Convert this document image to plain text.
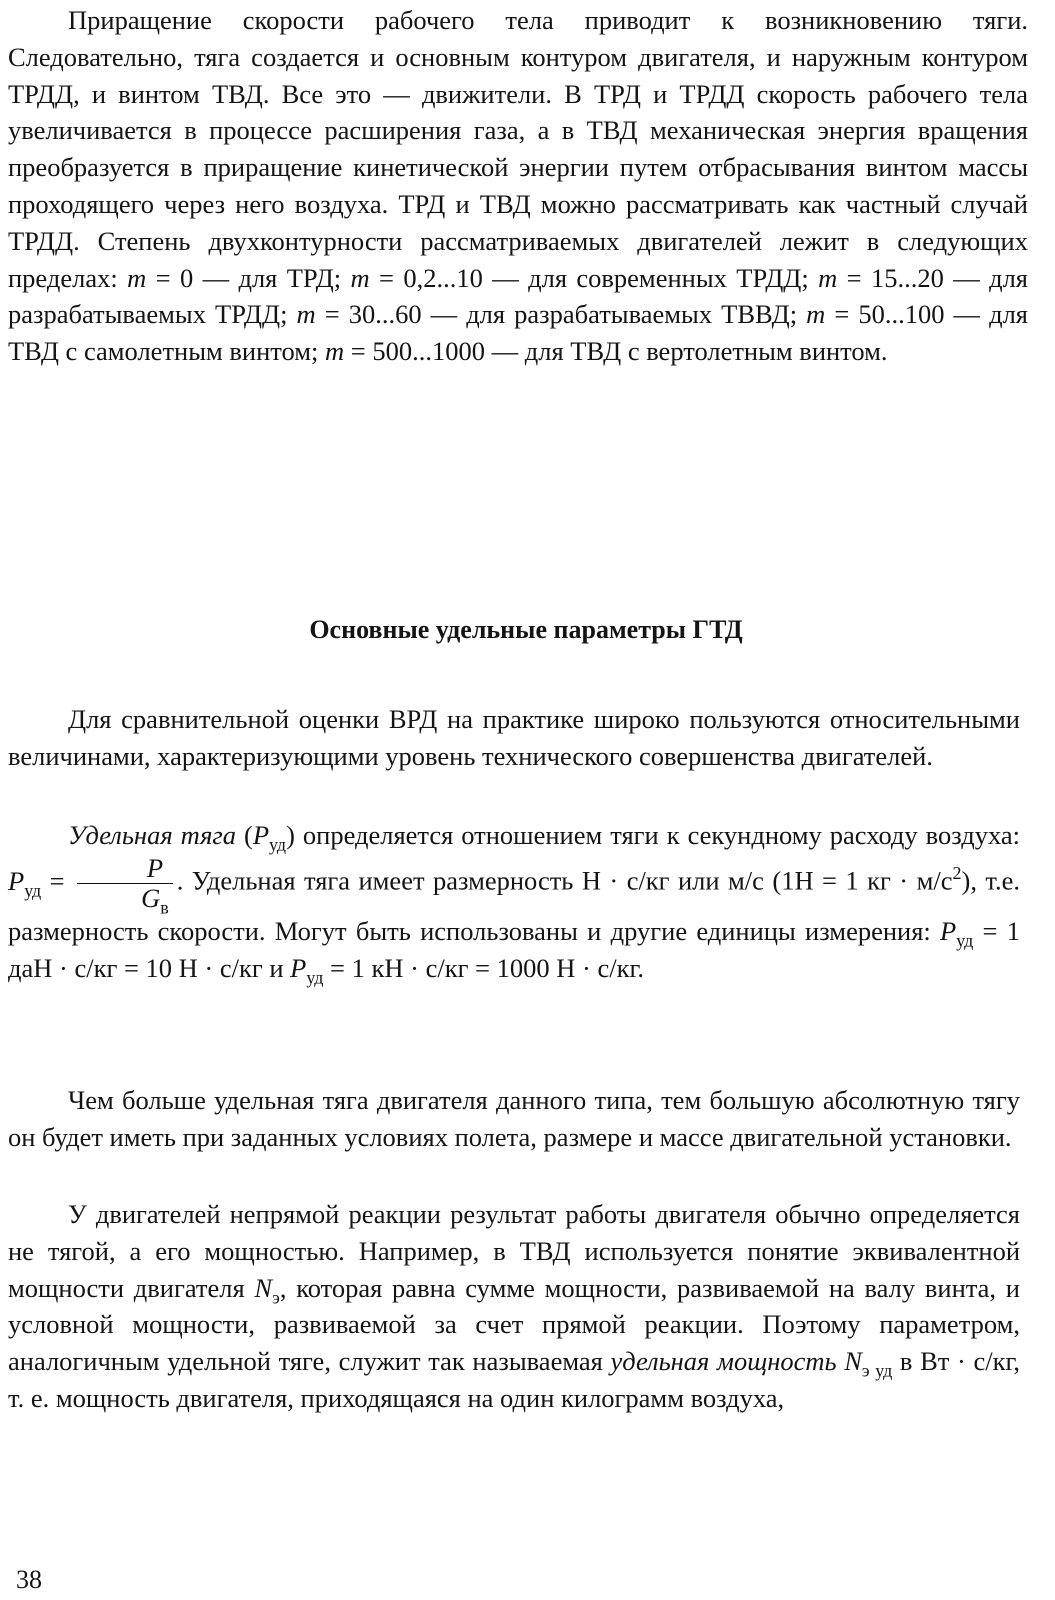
Приращение скорости рабочего тела приводит к возникновению тяги. Следовательно, тяга создается и основным контуром двигателя, и наружным контуром ТРДД, и винтом ТВД. Все это — движители. В ТРД и ТРДД скорость рабочего тела увеличивается в процессе расширения газа, а в ТВД механическая энергия вращения преобразуется в приращение кинетической энергии путем отбрасывания винтом массы проходящего через него воздуха. ТРД и ТВД можно рассматривать как частный случай ТРДД. Степень двухконтурности рассматриваемых двигателей лежит в следующих пределах: m = 0 — для ТРД; m = 0,2...10 — для современных ТРДД; m = 15...20 — для разрабатываемых ТРДД; m = 30...60 — для разрабатываемых ТВВД; m = 50...100 — для ТВД с самолетным винтом; m = 500...1000 — для ТВД с вертолетным винтом.

Основные удельные параметры ГТД

Для сравнительной оценки ВРД на практике широко пользуются относительными величинами, характеризующими уровень технического совершенства двигателей.

Удельная тяга $(P_{уд})$ определяется отношением тяги к секундному расходу воздуха: $P_{уд} = \frac{P}{G_в}$ . Удельная тяга имеет размерность Н · с/кг или м/с (1Н = 1 кг · $м/с^2$), т.е. размерность скорости. Могут быть использованы и другие единицы измерения: $P_{уд} = 1$ даН · с/кг = 10 Н · с/кг и $P_{уд} = 1$ кН · с/кг = 1000 Н · с/кг.

Чем больше удельная тяга двигателя данного типа, тем большую абсолютную тягу он будет иметь при заданных условиях полета, размере и массе двигательной установки.

У двигателей непрямой реакции результат работы двигателя обычно определяется не тягой, а его мощностью. Например, в ТВД используется понятие эквивалентной мощности двигателя $N_э$, которая равна сумме мощности, развиваемой на валу винта, и условной мощности, развиваемой за счет прямой реакции. Поэтому параметром, аналогичным удельной тяге, служит так называемая удельная мощность $N_{э уд}$ в Вт · с/кг, т. е. мощность двигателя, приходящаяся на один килограмм воздуха,

38
